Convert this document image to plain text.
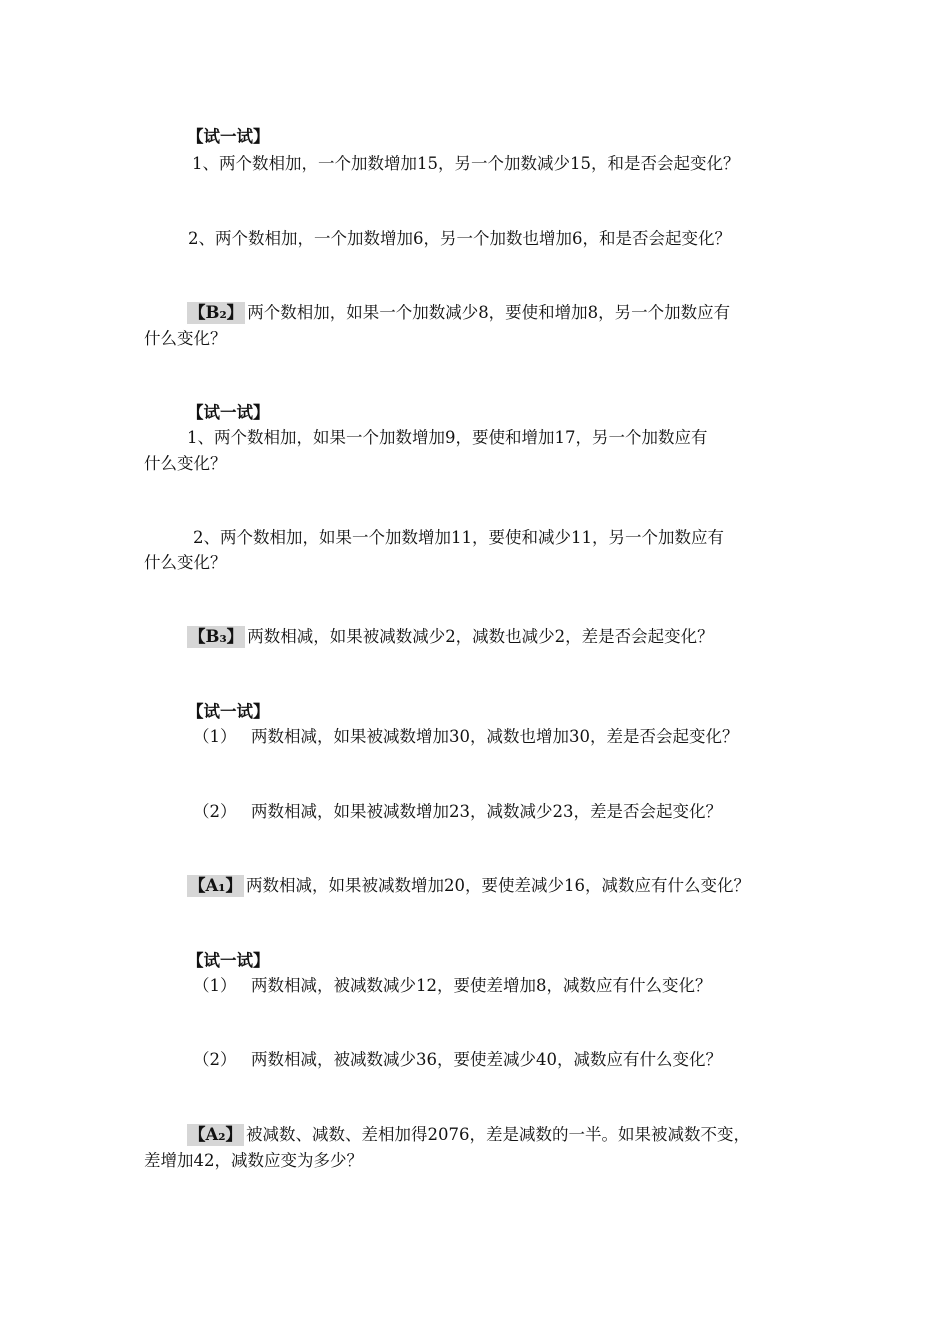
【试一试】
1、两个数相加，一个加数增加15，另一个加数减少15，和是否会起变化？
2、两个数相加，一个加数增加6，另一个加数也增加6，和是否会起变化？
【B₂】 两个数相加，如果一个加数减少8，要使和增加8，另一个加数应有
什么变化？
【试一试】
1、两个数相加，如果一个加数增加9，要使和增加17，另一个加数应有
什么变化？
2、两个数相加，如果一个加数增加11，要使和减少11，另一个加数应有
什么变化？
【B₃】 两数相减，如果被减数减少2，减数也减少2，差是否会起变化？
【试一试】
（1） 两数相减，如果被减数增加30，减数也增加30，差是否会起变化？
（2） 两数相减，如果被减数增加23，减数减少23，差是否会起变化？
【A₁】 两数相减，如果被减数增加20，要使差减少16，减数应有什么变化？
【试一试】
（1） 两数相减，被减数减少12，要使差增加8，减数应有什么变化？
（2） 两数相减，被减数减少36，要使差减少40，减数应有什么变化？
【A₂】 被减数、减数、差相加得2076，差是减数的一半。如果被减数不变，
差增加42，减数应变为多少？
